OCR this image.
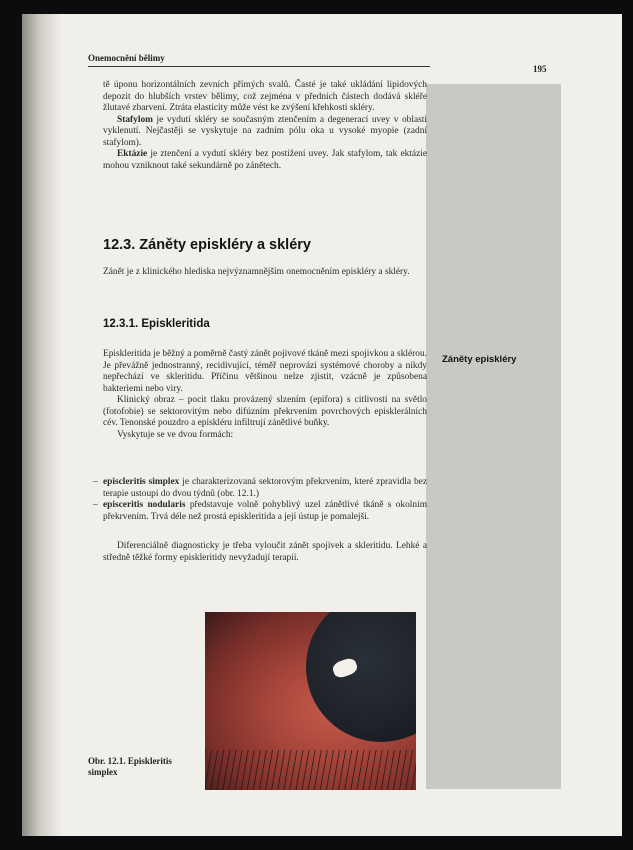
Onemocnění bělimy
195
Záněty episkléry

tě úponu horizontálních zevních přímých svalů. Časté je také ukládání lipidových depozit do hlubších vrstev bělimy, což zejména v předních částech dodává skléře žlutavé zbarvení. Ztráta elasticity může vést ke zvýšení křehkosti skléry.

Stafylom je vydutí skléry se současným ztenčením a degenerací uvey v oblasti vyklenutí. Nejčastěji se vyskytuje na zadním pólu oka u vysoké myopie (zadní stafylom).

Ektázie je ztenčení a vydutí skléry bez postižení uvey. Jak stafylom, tak ektázie mohou vzniknout také sekundárně po zánětech.

12.3. Záněty episkléry a skléry

Zánět je z klinického hlediska nejvýznamnějším onemocněním episkléry a skléry.

12.3.1. Episkleritida

Episkleritida je běžný a poměrně častý zánět pojivové tkáně mezi spojivkou a sklérou. Je převážně jednostranný, recidivující, téměř neprovází systémové choroby a nikdy nepřechází ve skleritidu. Příčinu většinou nelze zjistit, vzácně je způsobena bakteriemi nebo viry.

Klinický obraz – pocit tlaku provázený slzením (epifora) s citlivostí na světlo (fotofobie) se sektorovitým nebo difúzním překrvením povrchových episklerálních cév. Tenonské pouzdro a episkléru infiltrují zánětlivé buňky.

Vyskytuje se ve dvou formách:

– episcleritis simplex je charakterizovaná sektorovým překrvením, které zpravidla bez terapie ustoupí do dvou týdnů (obr. 12.1.)

– episceritis nodularis představuje volně pohyblivý uzel zánětlivé tkáně s okolním překrvením. Trvá déle než prostá episkleritida a její ústup je pomalejší.

Diferenciálně diagnosticky je třeba vyloučit zánět spojivek a skleritidu. Lehké a středně těžké formy episkleritidy nevyžadují terapii.

Obr. 12.1. Episkleritis simplex
